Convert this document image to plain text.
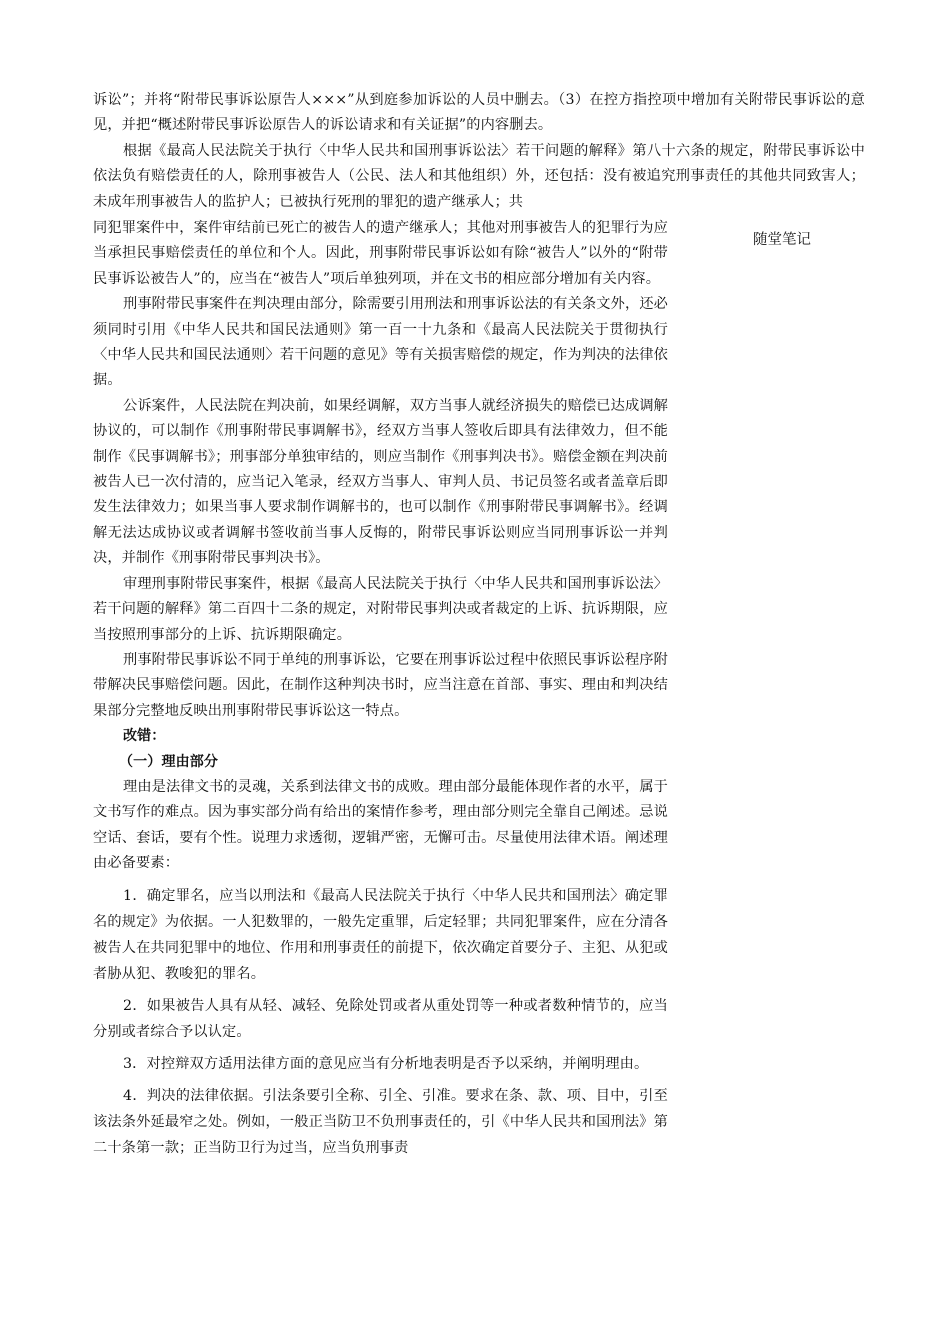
诉讼”；并将“附带民事诉讼原告人×××”从到庭参加诉讼的人员中删去。（3）在控方指控项中增加有关附带民事诉讼的意见，并把“概述附带民事诉讼原告人的诉讼请求和有关证据”的内容删去。

根据《最高人民法院关于执行〈中华人民共和国刑事诉讼法〉若干问题的解释》第八十六条的规定，附带民事诉讼中依法负有赔偿责任的人，除刑事被告人（公民、法人和其他组织）外，还包括：没有被追究刑事责任的其他共同致害人；未成年刑事被告人的监护人；已被执行死刑的罪犯的遗产继承人；共

随堂笔记

同犯罪案件中，案件审结前已死亡的被告人的遗产继承人；其他对刑事被告人的犯罪行为应当承担民事赔偿责任的单位和个人。因此，刑事附带民事诉讼如有除“被告人”以外的“附带民事诉讼被告人”的，应当在“被告人”项后单独列项，并在文书的相应部分增加有关内容。

刑事附带民事案件在判决理由部分，除需要引用刑法和刑事诉讼法的有关条文外，还必须同时引用《中华人民共和国民法通则》第一百一十九条和《最高人民法院关于贯彻执行〈中华人民共和国民法通则〉若干问题的意见》等有关损害赔偿的规定，作为判决的法律依据。

公诉案件，人民法院在判决前，如果经调解，双方当事人就经济损失的赔偿已达成调解协议的，可以制作《刑事附带民事调解书》，经双方当事人签收后即具有法律效力，但不能制作《民事调解书》；刑事部分单独审结的，则应当制作《刑事判决书》。赔偿金额在判决前被告人已一次付清的，应当记入笔录，经双方当事人、审判人员、书记员签名或者盖章后即发生法律效力；如果当事人要求制作调解书的，也可以制作《刑事附带民事调解书》。经调解无法达成协议或者调解书签收前当事人反悔的，附带民事诉讼则应当同刑事诉讼一并判决，并制作《刑事附带民事判决书》。

审理刑事附带民事案件，根据《最高人民法院关于执行〈中华人民共和国刑事诉讼法〉若干问题的解释》第二百四十二条的规定，对附带民事判决或者裁定的上诉、抗诉期限，应当按照刑事部分的上诉、抗诉期限确定。

刑事附带民事诉讼不同于单纯的刑事诉讼，它要在刑事诉讼过程中依照民事诉讼程序附带解决民事赔偿问题。因此，在制作这种判决书时，应当注意在首部、事实、理由和判决结果部分完整地反映出刑事附带民事诉讼这一特点。

改错：

（一）理由部分

理由是法律文书的灵魂，关系到法律文书的成败。理由部分最能体现作者的水平，属于文书写作的难点。因为事实部分尚有给出的案情作参考，理由部分则完全靠自己阐述。忌说空话、套话，要有个性。说理力求透彻，逻辑严密，无懈可击。尽量使用法律术语。阐述理由必备要素：

1．确定罪名，应当以刑法和《最高人民法院关于执行〈中华人民共和国刑法〉确定罪名的规定》为依据。一人犯数罪的，一般先定重罪，后定轻罪；共同犯罪案件，应在分清各被告人在共同犯罪中的地位、作用和刑事责任的前提下，依次确定首要分子、主犯、从犯或者胁从犯、教唆犯的罪名。

2．如果被告人具有从轻、减轻、免除处罚或者从重处罚等一种或者数种情节的，应当分别或者综合予以认定。

3．对控辩双方适用法律方面的意见应当有分析地表明是否予以采纳，并阐明理由。

4．判决的法律依据。引法条要引全称、引全、引准。要求在条、款、项、目中，引至该法条外延最窄之处。例如，一般正当防卫不负刑事责任的，引《中华人民共和国刑法》第二十条第一款；正当防卫行为过当，应当负刑事责
